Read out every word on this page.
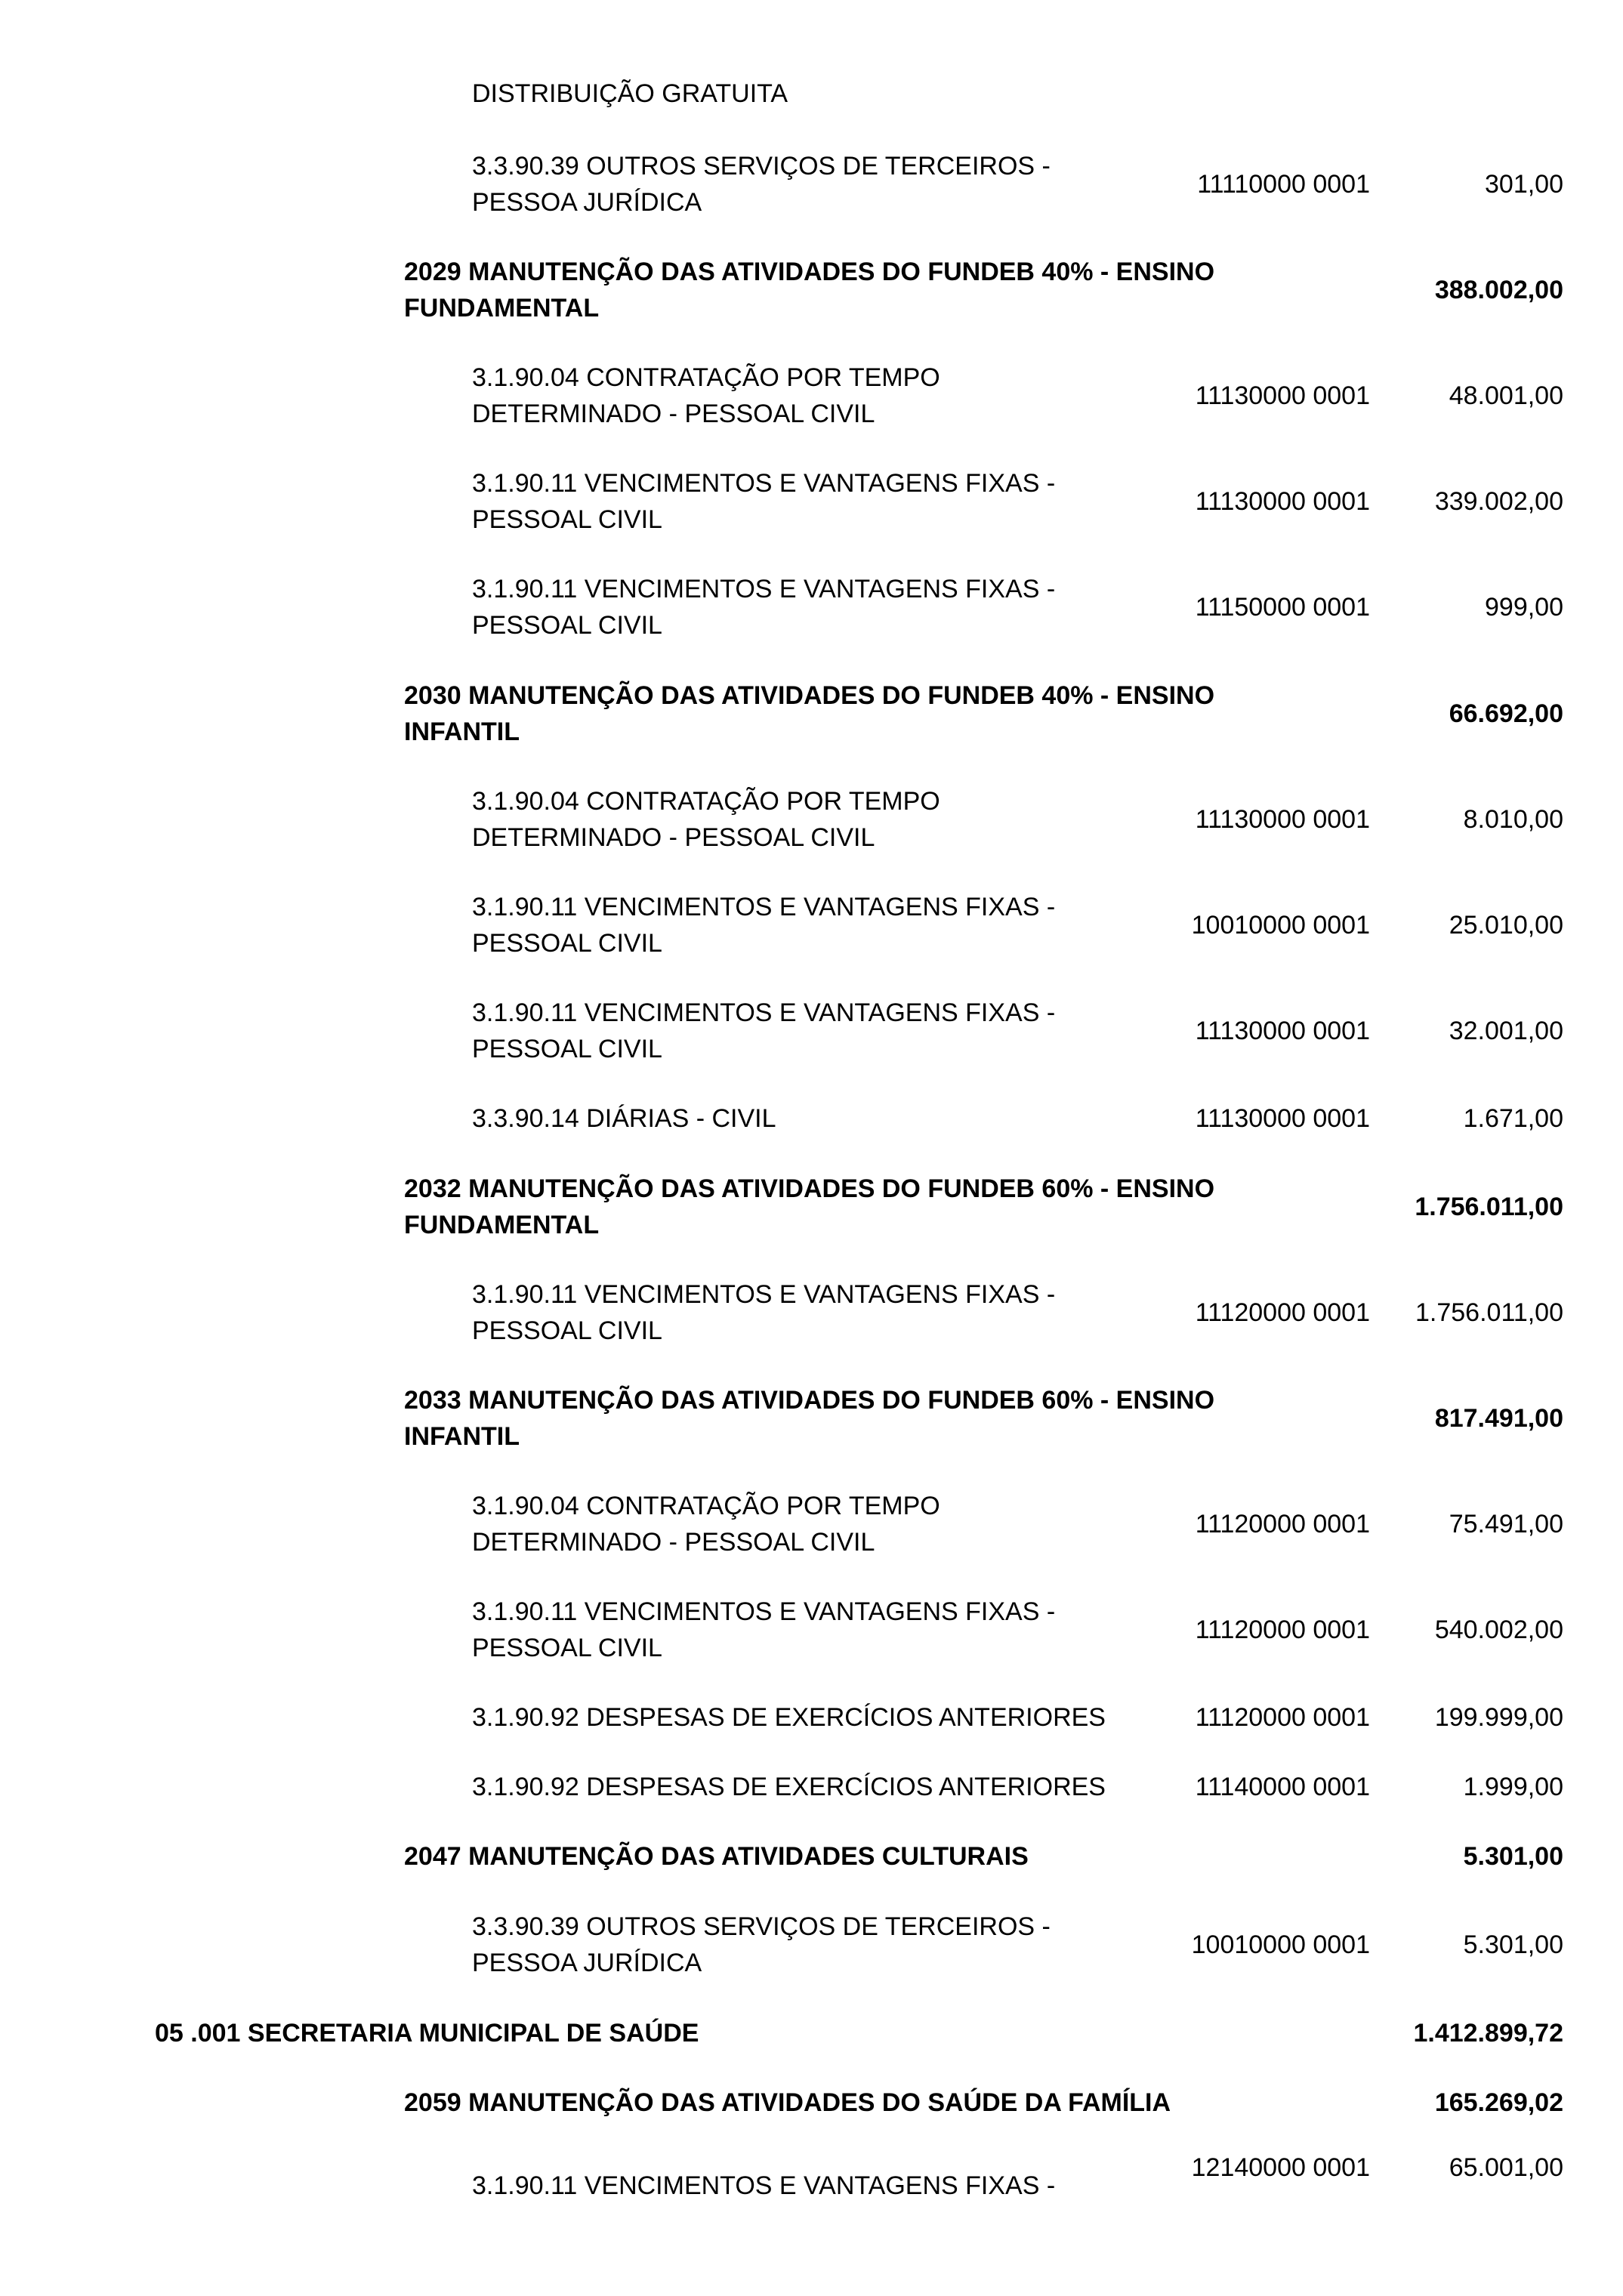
DISTRIBUIÇÃO GRATUITA
3.3.90.39 OUTROS SERVIÇOS DE TERCEIROS -
PESSOA JURÍDICA
11110000 0001	301,00
2029 MANUTENÇÃO DAS ATIVIDADES DO FUNDEB 40% - ENSINO
FUNDAMENTAL
388.002,00
3.1.90.04 CONTRATAÇÃO POR TEMPO
DETERMINADO - PESSOAL CIVIL
11130000 0001	48.001,00
3.1.90.11 VENCIMENTOS E VANTAGENS FIXAS -
PESSOAL CIVIL
11130000 0001	339.002,00
3.1.90.11 VENCIMENTOS E VANTAGENS FIXAS -
PESSOAL CIVIL
11150000 0001	999,00
2030 MANUTENÇÃO DAS ATIVIDADES DO FUNDEB 40% - ENSINO
INFANTIL
66.692,00
3.1.90.04 CONTRATAÇÃO POR TEMPO
DETERMINADO - PESSOAL CIVIL
11130000 0001	8.010,00
3.1.90.11 VENCIMENTOS E VANTAGENS FIXAS -
PESSOAL CIVIL
10010000 0001	25.010,00
3.1.90.11 VENCIMENTOS E VANTAGENS FIXAS -
PESSOAL CIVIL
11130000 0001	32.001,00
3.3.90.14 DIÁRIAS - CIVIL	11130000 0001	1.671,00
2032 MANUTENÇÃO DAS ATIVIDADES DO FUNDEB 60% - ENSINO
FUNDAMENTAL
1.756.011,00
3.1.90.11 VENCIMENTOS E VANTAGENS FIXAS -
PESSOAL CIVIL
11120000 0001	1.756.011,00
2033 MANUTENÇÃO DAS ATIVIDADES DO FUNDEB 60% - ENSINO
INFANTIL
817.491,00
3.1.90.04 CONTRATAÇÃO POR TEMPO
DETERMINADO - PESSOAL CIVIL
11120000 0001	75.491,00
3.1.90.11 VENCIMENTOS E VANTAGENS FIXAS -
PESSOAL CIVIL
11120000 0001	540.002,00
3.1.90.92 DESPESAS DE EXERCÍCIOS ANTERIORES	11120000 0001	199.999,00
3.1.90.92 DESPESAS DE EXERCÍCIOS ANTERIORES	11140000 0001	1.999,00
2047 MANUTENÇÃO DAS ATIVIDADES CULTURAIS	5.301,00
3.3.90.39 OUTROS SERVIÇOS DE TERCEIROS -
PESSOA JURÍDICA
10010000 0001	5.301,00
05 .001 SECRETARIA MUNICIPAL DE SAÚDE	1.412.899,72
2059 MANUTENÇÃO DAS ATIVIDADES DO SAÚDE DA FAMÍLIA	165.269,02
3.1.90.11 VENCIMENTOS E VANTAGENS FIXAS -
12140000 0001	65.001,00
